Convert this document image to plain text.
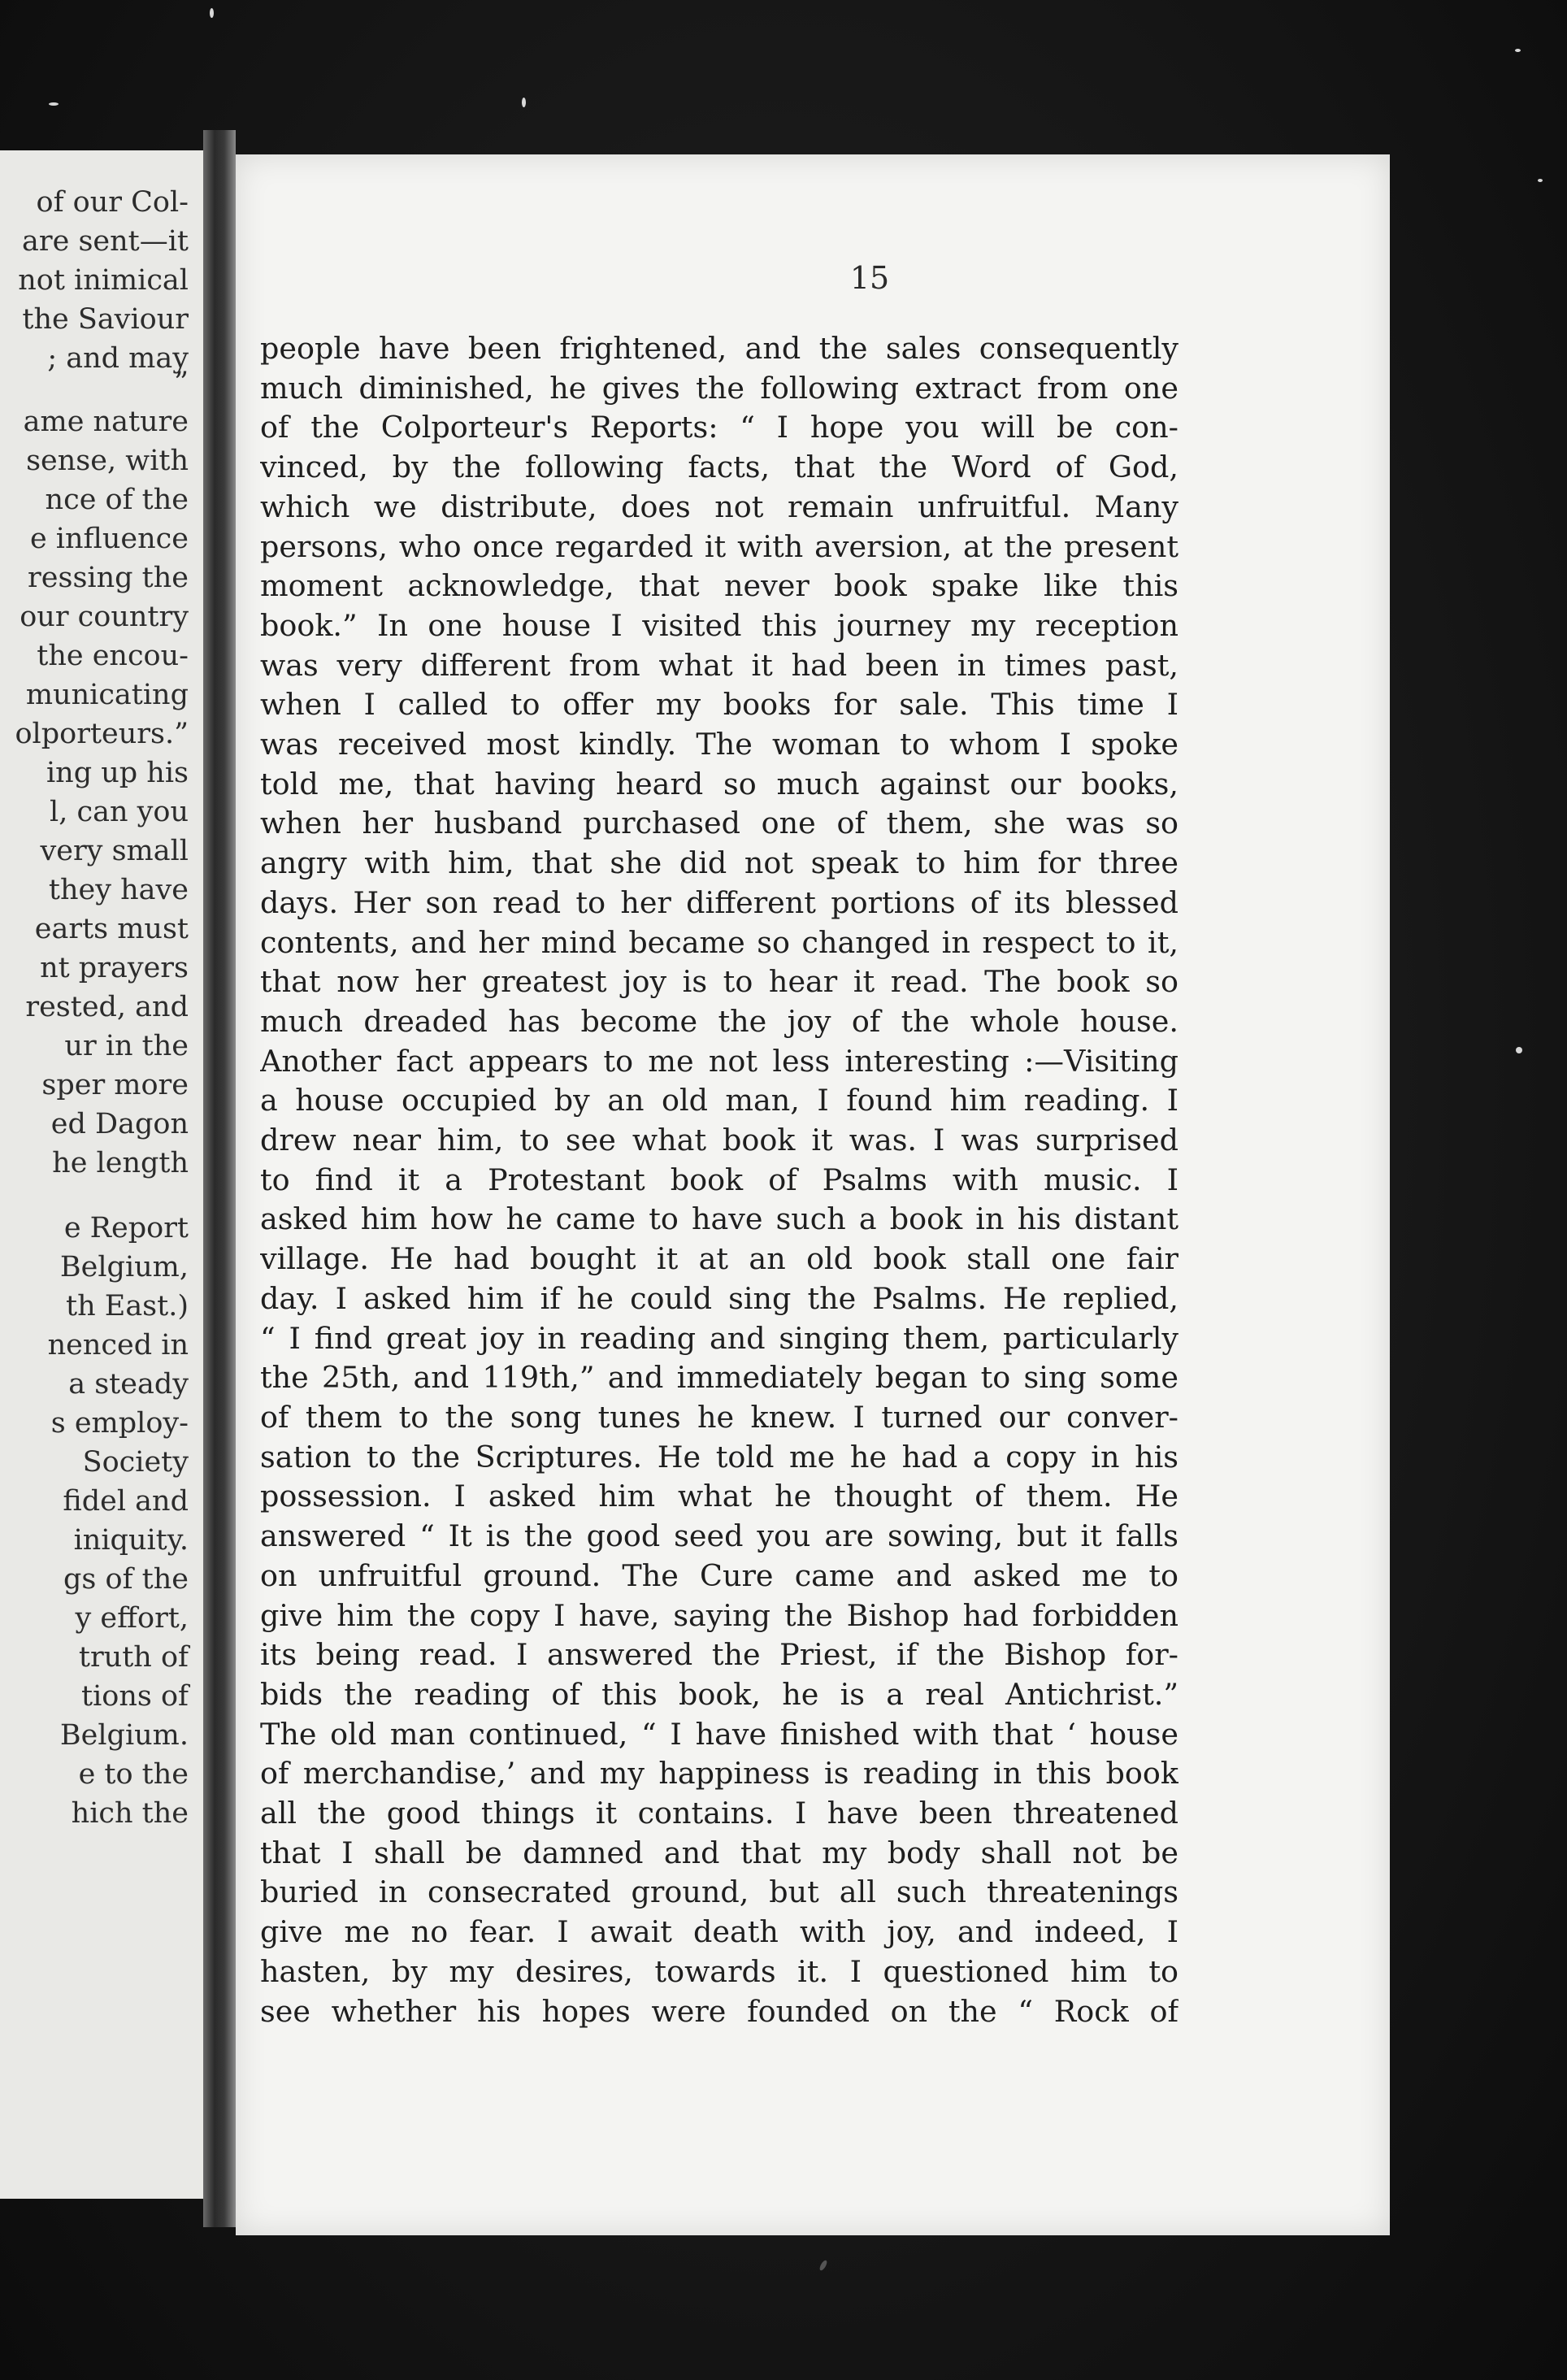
of our Col-

are sent—it

not inimical

the Saviour

; and may

”

ame nature

sense, with

nce of the

e influence

ressing the

our country

the encou-

municating

olporteurs.”

ing up his

l, can you

very small

they have

earts must

nt prayers

rested, and

ur in the

sper more

ed Dagon

he length

e Report

Belgium,

th East.)

nenced in

a steady

s employ-

Society

fidel and

iniquity.

gs of the

y effort,

truth of

tions of

Belgium.

e to the

hich the

15

people have been frightened, and the sales consequently

much diminished, he gives the following extract from one

of the Colporteur's Reports: “ I hope you will be con-

vinced, by the following facts, that the Word of God,

which we distribute, does not remain unfruitful. Many

persons, who once regarded it with aversion, at the present

moment acknowledge, that never book spake like this

book.” In one house I visited this journey my reception

was very different from what it had been in times past,

when I called to offer my books for sale. This time I

was received most kindly. The woman to whom I spoke

told me, that having heard so much against our books,

when her husband purchased one of them, she was so

angry with him, that she did not speak to him for three

days. Her son read to her different portions of its blessed

contents, and her mind became so changed in respect to it,

that now her greatest joy is to hear it read. The book so

much dreaded has become the joy of the whole house.

Another fact appears to me not less interesting :—Visiting

a house occupied by an old man, I found him reading. I

drew near him, to see what book it was. I was surprised

to find it a Protestant book of Psalms with music. I

asked him how he came to have such a book in his distant

village. He had bought it at an old book stall one fair

day. I asked him if he could sing the Psalms. He replied,

“ I find great joy in reading and singing them, particularly

the 25th, and 119th,” and immediately began to sing some

of them to the song tunes he knew. I turned our conver-

sation to the Scriptures. He told me he had a copy in his

possession. I asked him what he thought of them. He

answered “ It is the good seed you are sowing, but it falls

on unfruitful ground. The Cure came and asked me to

give him the copy I have, saying the Bishop had forbidden

its being read. I answered the Priest, if the Bishop for-

bids the reading of this book, he is a real Antichrist.”

The old man continued, “ I have finished with that ‘ house

of merchandise,’ and my happiness is reading in this book

all the good things it contains. I have been threatened

that I shall be damned and that my body shall not be

buried in consecrated ground, but all such threatenings

give me no fear. I await death with joy, and indeed, I

hasten, by my desires, towards it. I questioned him to

see whether his hopes were founded on the “ Rock of
